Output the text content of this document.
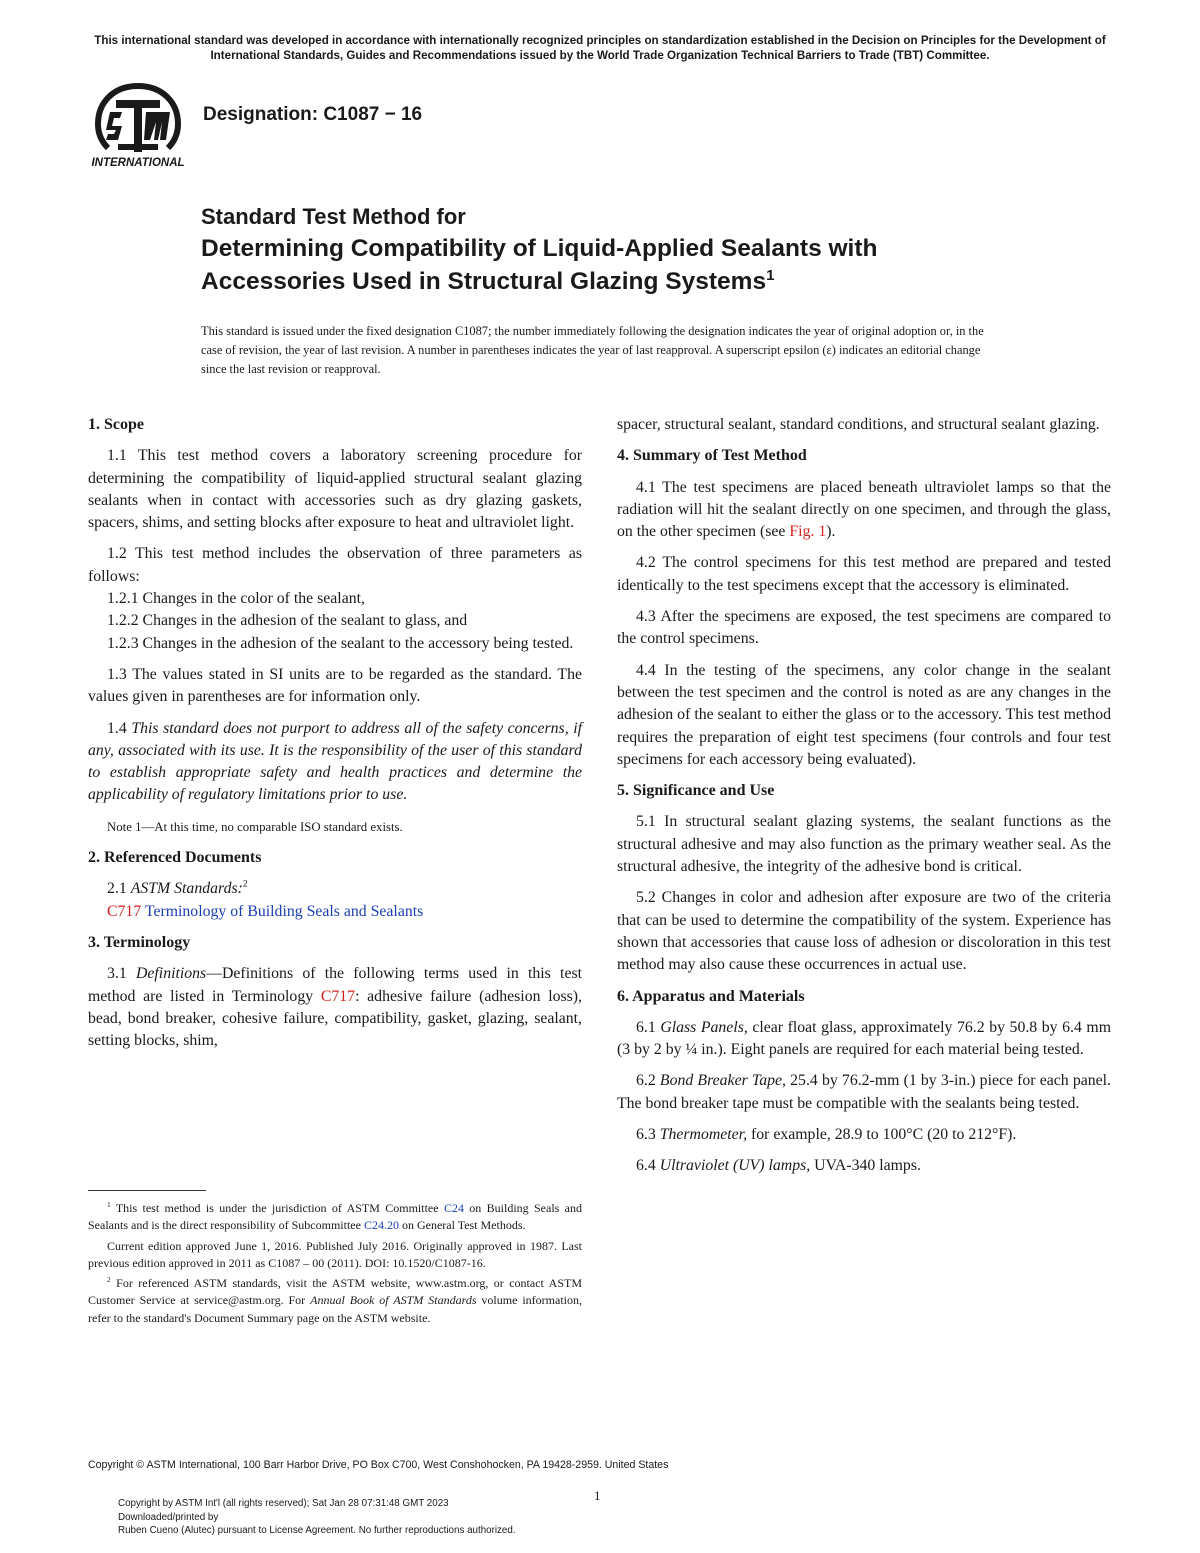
This international standard was developed in accordance with internationally recognized principles on standardization established in the Decision on Principles for the Development of International Standards, Guides and Recommendations issued by the World Trade Organization Technical Barriers to Trade (TBT) Committee.
INTERNATIONAL
Designation: C1087 − 16
Standard Test Method for
Determining Compatibility of Liquid-Applied Sealants with
Accessories Used in Structural Glazing Systems$^1$
This standard is issued under the fixed designation C1087; the number immediately following the designation indicates the year of original adoption or, in the case of revision, the year of last revision. A number in parentheses indicates the year of last reapproval. A superscript epsilon (ε) indicates an editorial change since the last revision or reapproval.
1. Scope

1.1 This test method covers a laboratory screening procedure for determining the compatibility of liquid-applied structural sealant glazing sealants when in contact with accessories such as dry glazing gaskets, spacers, shims, and setting blocks after exposure to heat and ultraviolet light.

1.2 This test method includes the observation of three parameters as follows:

1.2.1 Changes in the color of the sealant,

1.2.2 Changes in the adhesion of the sealant to glass, and

1.2.3 Changes in the adhesion of the sealant to the accessory being tested.

1.3 The values stated in SI units are to be regarded as the standard. The values given in parentheses are for information only.

1.4 This standard does not purport to address all of the safety concerns, if any, associated with its use. It is the responsibility of the user of this standard to establish appropriate safety and health practices and determine the applicability of regulatory limitations prior to use.

Note 1—At this time, no comparable ISO standard exists.

2. Referenced Documents

2.1 ASTM Standards:$^2$

C717 Terminology of Building Seals and Sealants

3. Terminology

3.1 Definitions—Definitions of the following terms used in this test method are listed in Terminology C717: adhesive failure (adhesion loss), bead, bond breaker, cohesive failure, compatibility, gasket, glazing, sealant, setting blocks, shim,

$^1$ This test method is under the jurisdiction of ASTM Committee C24 on Building Seals and Sealants and is the direct responsibility of Subcommittee C24.20 on General Test Methods.

Current edition approved June 1, 2016. Published July 2016. Originally approved in 1987. Last previous edition approved in 2011 as C1087 – 00 (2011). DOI: 10.1520/C1087-16.

$^2$ For referenced ASTM standards, visit the ASTM website, www.astm.org, or contact ASTM Customer Service at service@astm.org. For Annual Book of ASTM Standards volume information, refer to the standard's Document Summary page on the ASTM website.

spacer, structural sealant, standard conditions, and structural sealant glazing.

4. Summary of Test Method

4.1 The test specimens are placed beneath ultraviolet lamps so that the radiation will hit the sealant directly on one specimen, and through the glass, on the other specimen (see Fig. 1).

4.2 The control specimens for this test method are prepared and tested identically to the test specimens except that the accessory is eliminated.

4.3 After the specimens are exposed, the test specimens are compared to the control specimens.

4.4 In the testing of the specimens, any color change in the sealant between the test specimen and the control is noted as are any changes in the adhesion of the sealant to either the glass or to the accessory. This test method requires the preparation of eight test specimens (four controls and four test specimens for each accessory being evaluated).

5. Significance and Use

5.1 In structural sealant glazing systems, the sealant functions as the structural adhesive and may also function as the primary weather seal. As the structural adhesive, the integrity of the adhesive bond is critical.

5.2 Changes in color and adhesion after exposure are two of the criteria that can be used to determine the compatibility of the system. Experience has shown that accessories that cause loss of adhesion or discoloration in this test method may also cause these occurrences in actual use.

6. Apparatus and Materials

6.1 Glass Panels, clear float glass, approximately 76.2 by 50.8 by 6.4 mm (3 by 2 by ¼ in.). Eight panels are required for each material being tested.

6.2 Bond Breaker Tape, 25.4 by 76.2-mm (1 by 3-in.) piece for each panel. The bond breaker tape must be compatible with the sealants being tested.

6.3 Thermometer, for example, 28.9 to 100°C (20 to 212°F).

6.4 Ultraviolet (UV) lamps, UVA-340 lamps.

Copyright © ASTM International, 100 Barr Harbor Drive, PO Box C700, West Conshohocken, PA 19428-2959. United States
1
Copyright by ASTM Int'l (all rights reserved); Sat Jan 28 07:31:48 GMT 2023
Downloaded/printed by
Ruben Cueno (Alutec) pursuant to License Agreement. No further reproductions authorized.
